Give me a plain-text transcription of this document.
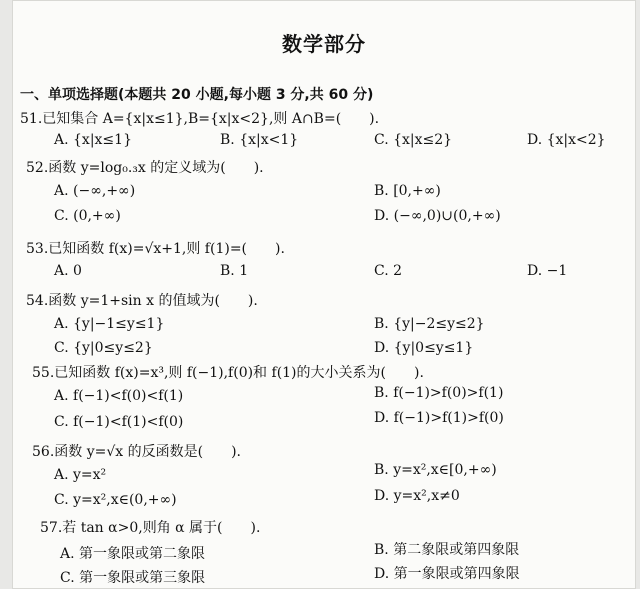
数学部分
一、单项选择题(本题共 20 小题,每小题 3 分,共 60 分)
51.已知集合 A={x|x≤1},B={x|x<2},则 A∩B=(　　).
A. {x|x≤1}	B. {x|x<1}	C. {x|x≤2}	D. {x|x<2}
52.函数 y=log₀.₃x 的定义域为(　　).
A. (−∞,+∞)	B. [0,+∞)
C. (0,+∞)	D. (−∞,0)∪(0,+∞)
53.已知函数 f(x)=√x+1,则 f(1)=(　　).
A. 0	B. 1	C. 2	D. −1
54.函数 y=1+sin x 的值域为(　　).
A. {y|−1≤y≤1}	B. {y|−2≤y≤2}
C. {y|0≤y≤2}	D. {y|0≤y≤1}
55.已知函数 f(x)=x³,则 f(−1),f(0)和 f(1)的大小关系为(　　).
A. f(−1)<f(0)<f(1)	B. f(−1)>f(0)>f(1)
C. f(−1)<f(1)<f(0)	D. f(−1)>f(1)>f(0)
56.函数 y=√x 的反函数是(　　).
A. y=x²	B. y=x²,x∈[0,+∞)
C. y=x²,x∈(0,+∞)	D. y=x²,x≠0
57.若 tan α>0,则角 α 属于(　　).
A. 第一象限或第二象限	B. 第二象限或第四象限
C. 第一象限或第三象限	D. 第一象限或第四象限
